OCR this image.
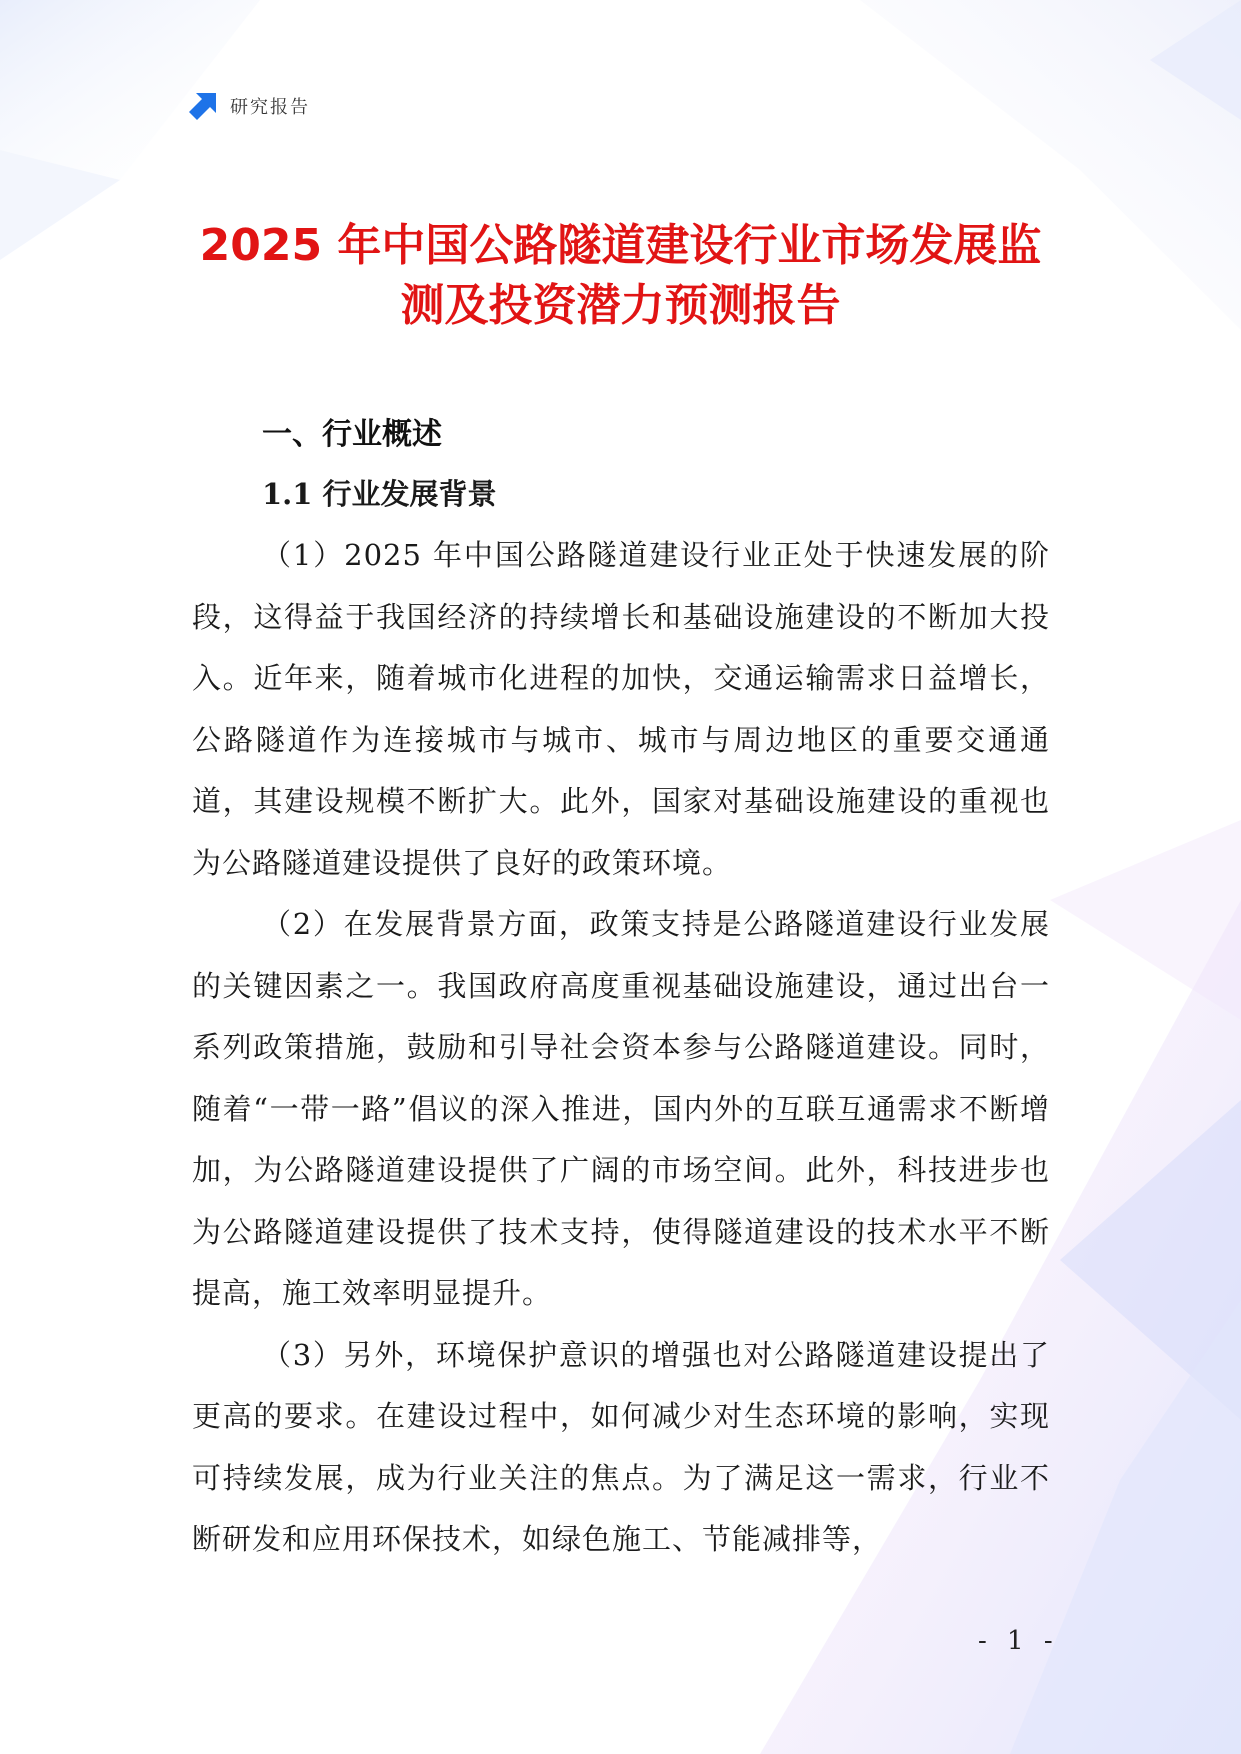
研究报告
2025 年中国公路隧道建设行业市场发展监
测及投资潜力预测报告
一、行业概述
1.1 行业发展背景

（1）2025 年中国公路隧道建设行业正处于快速发展的阶段，这得益于我国经济的持续增长和基础设施建设的不断加大投入。近年来，随着城市化进程的加快，交通运输需求日益增长，公路隧道作为连接城市与城市、城市与周边地区的重要交通通道，其建设规模不断扩大。此外，国家对基础设施建设的重视也为公路隧道建设提供了良好的政策环境。

（2）在发展背景方面，政策支持是公路隧道建设行业发展的关键因素之一。我国政府高度重视基础设施建设，通过出台一系列政策措施，鼓励和引导社会资本参与公路隧道建设。同时，随着“一带一路”倡议的深入推进，国内外的互联互通需求不断增加，为公路隧道建设提供了广阔的市场空间。此外，科技进步也为公路隧道建设提供了技术支持，使得隧道建设的技术水平不断提高，施工效率明显提升。

（3）另外，环境保护意识的增强也对公路隧道建设提出了更高的要求。在建设过程中，如何减少对生态环境的影响，实现可持续发展，成为行业关注的焦点。为了满足这一需求，行业不断研发和应用环保技术，如绿色施工、节能减排等，

- 1 -
